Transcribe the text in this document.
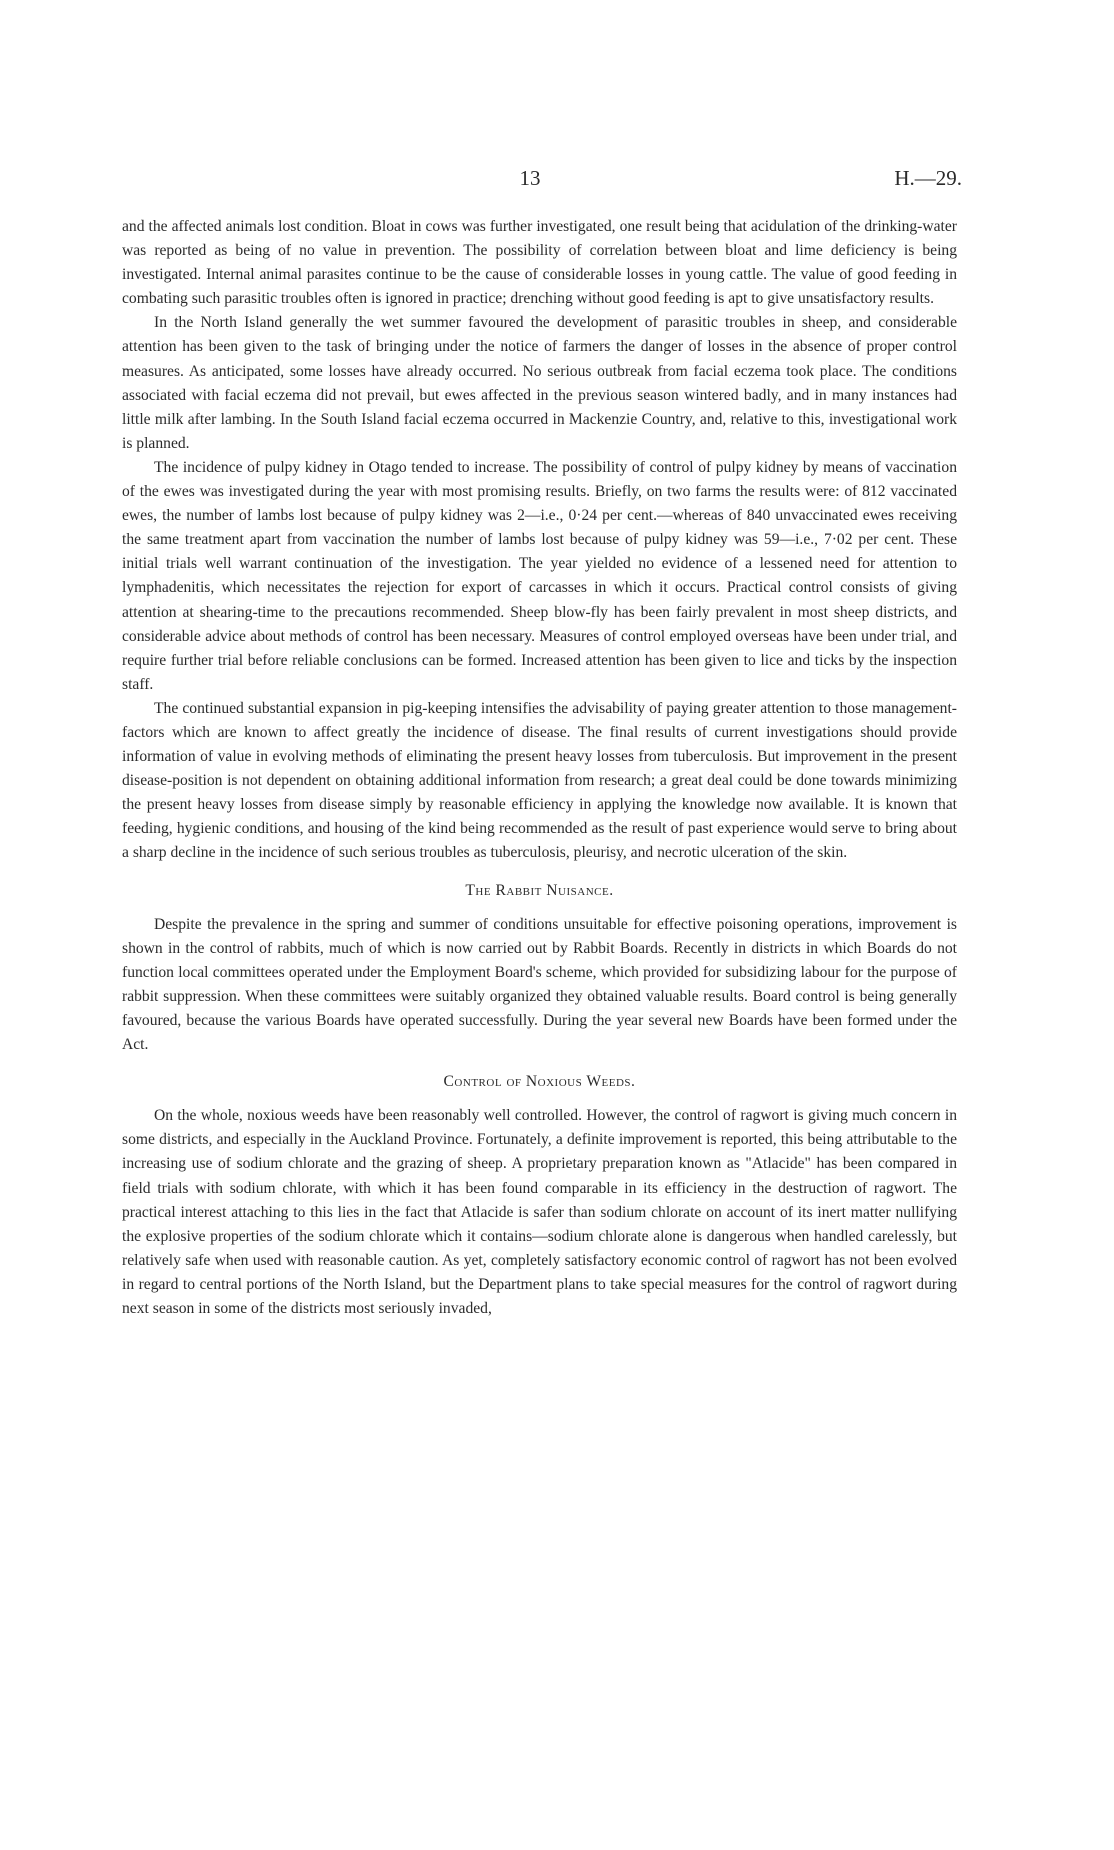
13	H.—29.

and the affected animals lost condition. Bloat in cows was further investigated, one result being that acidulation of the drinking-water was reported as being of no value in prevention. The possibility of correlation between bloat and lime deficiency is being investigated. Internal animal parasites continue to be the cause of considerable losses in young cattle. The value of good feeding in combating such parasitic troubles often is ignored in practice; drenching without good feeding is apt to give unsatisfactory results.

In the North Island generally the wet summer favoured the development of parasitic troubles in sheep, and considerable attention has been given to the task of bringing under the notice of farmers the danger of losses in the absence of proper control measures. As anticipated, some losses have already occurred. No serious outbreak from facial eczema took place. The conditions associated with facial eczema did not prevail, but ewes affected in the previous season wintered badly, and in many instances had little milk after lambing. In the South Island facial eczema occurred in Mackenzie Country, and, relative to this, investigational work is planned.

The incidence of pulpy kidney in Otago tended to increase. The possibility of control of pulpy kidney by means of vaccination of the ewes was investigated during the year with most promising results. Briefly, on two farms the results were: of 812 vaccinated ewes, the number of lambs lost because of pulpy kidney was 2—i.e., 0·24 per cent.—whereas of 840 unvaccinated ewes receiving the same treatment apart from vaccination the number of lambs lost because of pulpy kidney was 59—i.e., 7·02 per cent. These initial trials well warrant continuation of the investigation. The year yielded no evidence of a lessened need for attention to lymphadenitis, which necessitates the rejection for export of carcasses in which it occurs. Practical control consists of giving attention at shearing-time to the precautions recommended. Sheep blow-fly has been fairly prevalent in most sheep districts, and considerable advice about methods of control has been necessary. Measures of control employed overseas have been under trial, and require further trial before reliable conclusions can be formed. Increased attention has been given to lice and ticks by the inspection staff.

The continued substantial expansion in pig-keeping intensifies the advisability of paying greater attention to those management-factors which are known to affect greatly the incidence of disease. The final results of current investigations should provide information of value in evolving methods of eliminating the present heavy losses from tuberculosis. But improvement in the present disease-position is not dependent on obtaining additional information from research; a great deal could be done towards minimizing the present heavy losses from disease simply by reasonable efficiency in applying the knowledge now available. It is known that feeding, hygienic conditions, and housing of the kind being recommended as the result of past experience would serve to bring about a sharp decline in the incidence of such serious troubles as tuberculosis, pleurisy, and necrotic ulceration of the skin.

The Rabbit Nuisance.

Despite the prevalence in the spring and summer of conditions unsuitable for effective poisoning operations, improvement is shown in the control of rabbits, much of which is now carried out by Rabbit Boards. Recently in districts in which Boards do not function local committees operated under the Employment Board's scheme, which provided for subsidizing labour for the purpose of rabbit suppression. When these committees were suitably organized they obtained valuable results. Board control is being generally favoured, because the various Boards have operated successfully. During the year several new Boards have been formed under the Act.

Control of Noxious Weeds.

On the whole, noxious weeds have been reasonably well controlled. However, the control of ragwort is giving much concern in some districts, and especially in the Auckland Province. Fortunately, a definite improvement is reported, this being attributable to the increasing use of sodium chlorate and the grazing of sheep. A proprietary preparation known as "Atlacide" has been compared in field trials with sodium chlorate, with which it has been found comparable in its efficiency in the destruction of ragwort. The practical interest attaching to this lies in the fact that Atlacide is safer than sodium chlorate on account of its inert matter nullifying the explosive properties of the sodium chlorate which it contains—sodium chlorate alone is dangerous when handled carelessly, but relatively safe when used with reasonable caution. As yet, completely satisfactory economic control of ragwort has not been evolved in regard to central portions of the North Island, but the Department plans to take special measures for the control of ragwort during next season in some of the districts most seriously invaded,
